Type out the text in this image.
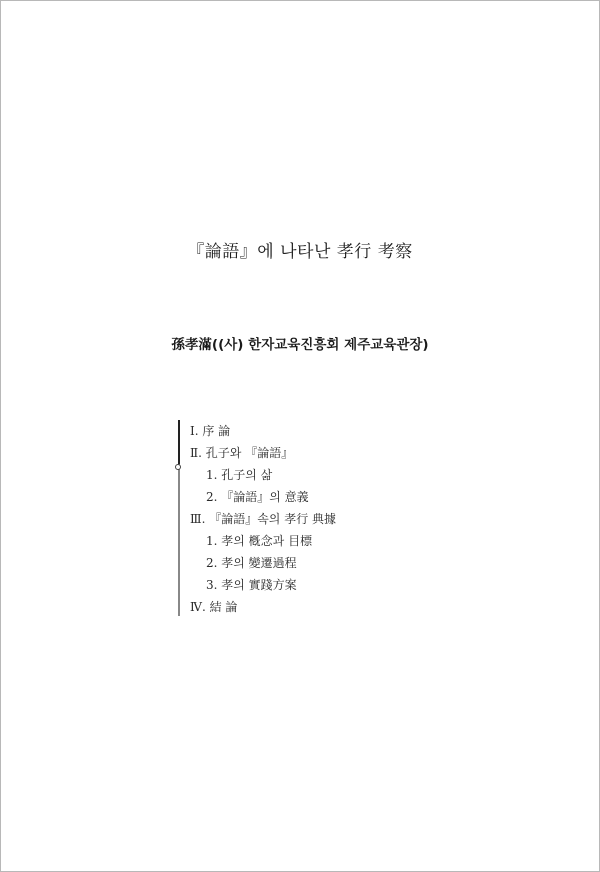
『論語』에 나타난 孝行 考察
孫孝滿((사) 한자교육진흥회 제주교육관장)
Ⅰ. 序 論
Ⅱ. 孔子와 『論語』
1. 孔子의 삶
2. 『論語』의 意義
Ⅲ. 『論語』속의 孝行 典據
1. 孝의 槪念과 目標
2. 孝의 變遷過程
3. 孝의 實踐方案
Ⅳ. 結 論
